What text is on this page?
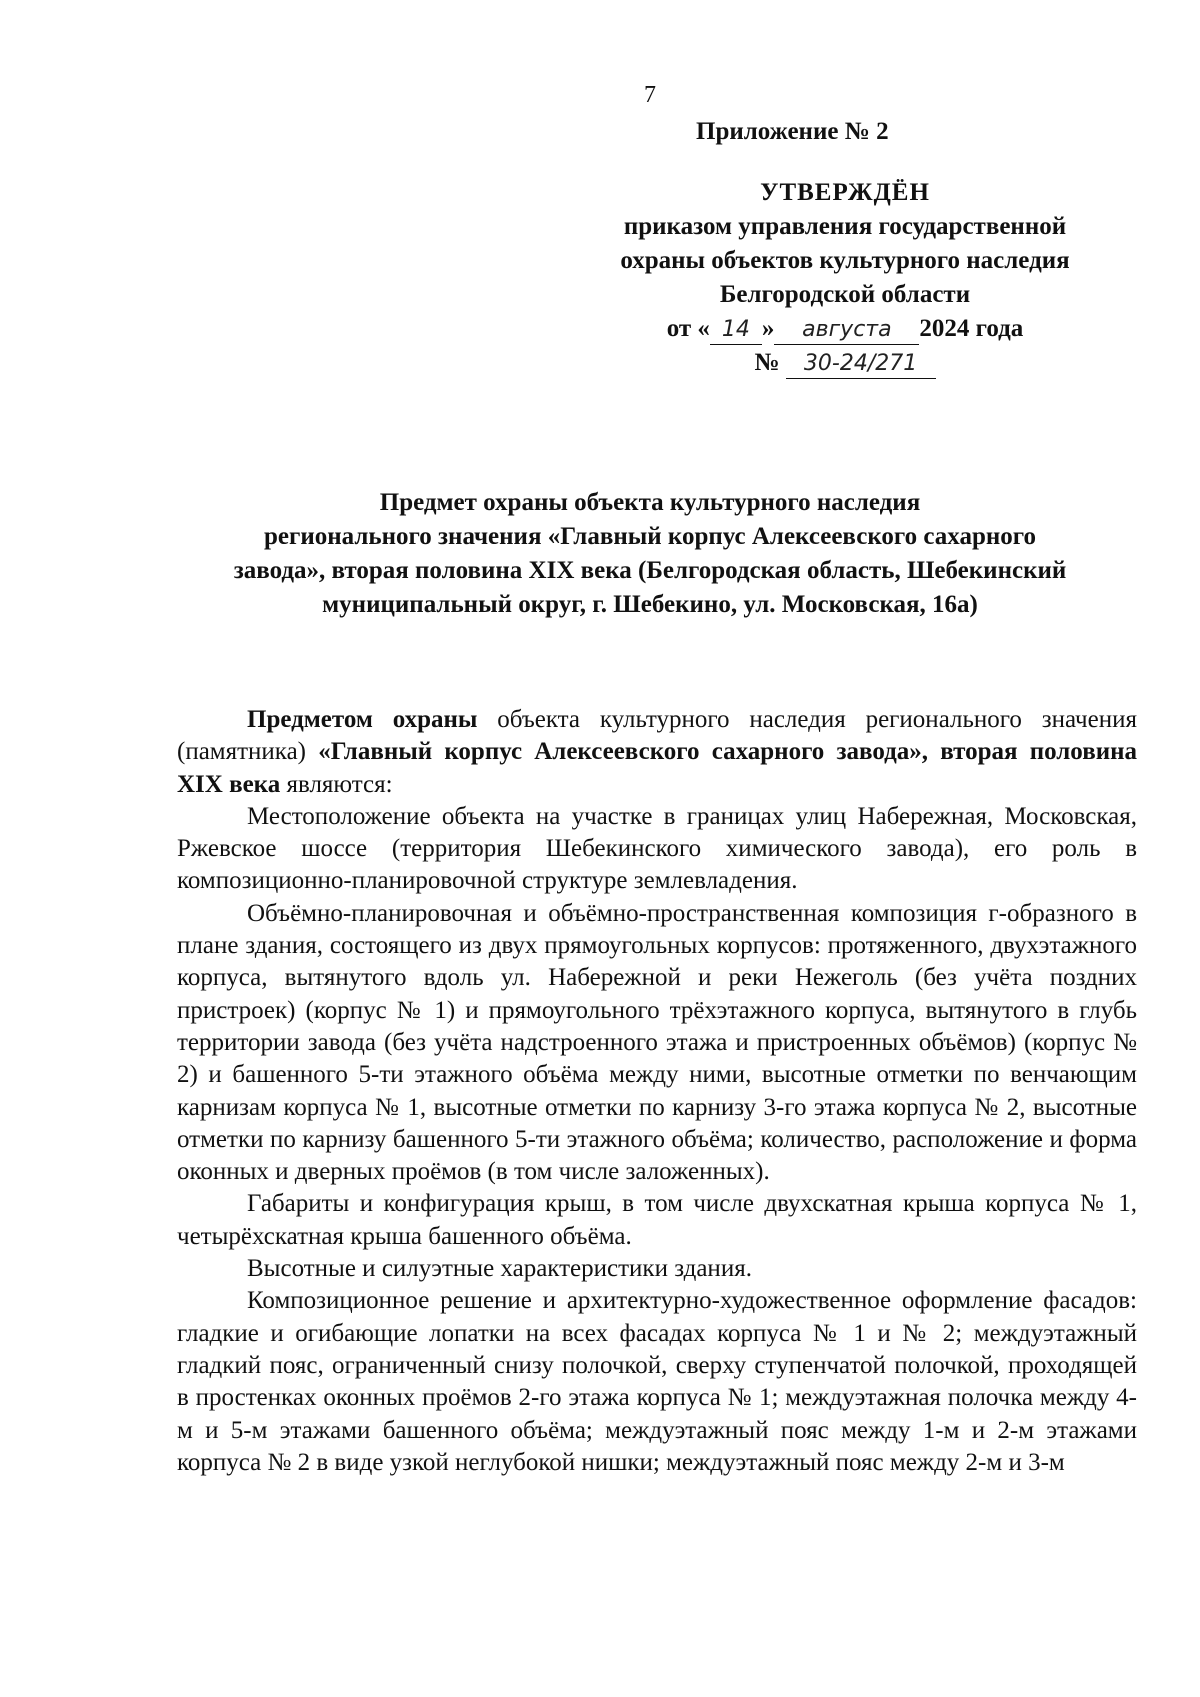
7
Приложение № 2
УТВЕРЖДЁН
приказом управления государственной
охраны объектов культурного наследия
Белгородской области
от « 14 » августа 2024 года
№ 30-24/271
Предмет охраны объекта культурного наследия
регионального значения «Главный корпус Алексеевского сахарного
завода», вторая половина XIX века (Белгородская область, Шебекинский
муниципальный округ, г. Шебекино, ул. Московская, 16а)

Предметом охраны объекта культурного наследия регионального значения (памятника) «Главный корпус Алексеевского сахарного завода», вторая половина XIX века являются:

Местоположение объекта на участке в границах улиц Набережная, Московская, Ржевское шоссе (территория Шебекинского химического завода), его роль в композиционно-планировочной структуре землевладения.

Объёмно-планировочная и объёмно-пространственная композиция г-образного в плане здания, состоящего из двух прямоугольных корпусов: протяженного, двухэтажного корпуса, вытянутого вдоль ул. Набережной и реки Нежеголь (без учёта поздних пристроек) (корпус № 1) и прямоугольного трёхэтажного корпуса, вытянутого в глубь территории завода (без учёта надстроенного этажа и пристроенных объёмов) (корпус № 2) и башенного 5-ти этажного объёма между ними, высотные отметки по венчающим карнизам корпуса № 1, высотные отметки по карнизу 3-го этажа корпуса № 2, высотные отметки по карнизу башенного 5-ти этажного объёма; количество, расположение и форма оконных и дверных проёмов (в том числе заложенных).

Габариты и конфигурация крыш, в том числе двухскатная крыша корпуса № 1, четырёхскатная крыша башенного объёма.

Высотные и силуэтные характеристики здания.

Композиционное решение и архитектурно-художественное оформление фасадов: гладкие и огибающие лопатки на всех фасадах корпуса № 1 и № 2; междуэтажный гладкий пояс, ограниченный снизу полочкой, сверху ступенчатой полочкой, проходящей в простенках оконных проёмов 2-го этажа корпуса № 1; междуэтажная полочка между 4-м и 5-м этажами башенного объёма; междуэтажный пояс между 1-м и 2-м этажами корпуса № 2 в виде узкой неглубокой нишки; междуэтажный пояс между 2-м и 3-м
